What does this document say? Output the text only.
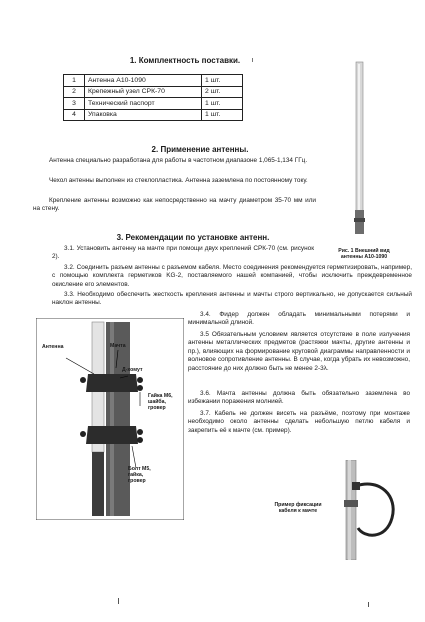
1. Комплектность поставки.
1	Антенна А10-1090	1 шт.
2	Крепежный узел СРК-70	2 шт.
3	Технический паспорт	1 шт.
4	Упаковка	1 шт.
2. Применение антенны.
Антенна специально разработана для работы в частотном диапазоне 1,065-1,134 ГГц.
Чехол антенны выполнен из стеклопластика. Антенна заземлена по постоянному току.
Крепление антенны возможно как непосредственно на мачту диаметром 35-70 мм или на стену.
Рис. 1 Внешний вид
антенны А10-1090
3. Рекомендации по установке антенн.
3.1. Установить антенну на мачте при помощи двух креплений СРК-70 (см. рисунок 2).
3.2. Соединить разъем антенны с разъемом кабеля. Место соединения рекомендуется герметизировать, например, с помощью комплекта герметиков KG-2, поставляемого нашей компанией, чтобы исключить преждевременное окисление его элементов.
3.3. Необходимо обеспечить жесткость крепления антенны и мачты строго вертикально, не допускается сильный наклон антенны.
Антенна	Мачта
Д-хомут
Гайка М6,
шайба,
гровер
Болт М5,
гайка,
гровер
3.4. Фидер должен обладать минимальными потерями и минимальной длиной.
3.5 Обязательным условием является отсутствие в поле излучения антенны металлических предметов (растяжки мачты, другие антенны и пр.), влияющих на формирование круговой диаграммы направленности и волновое сопротивление антенны. В случае, когда убрать их невозможно, расстояние до них должно быть не менее 2-3λ.
3.6. Мачта антенны должна быть обязательно заземлена во избежании поражения молнией.
3.7. Кабель не должен висеть на разъёме, поэтому при монтаже необходимо около антенны сделать небольшую петлю кабеля и закрепить её к мачте (см. пример).
Пример фиксации
кабеля к мачте
